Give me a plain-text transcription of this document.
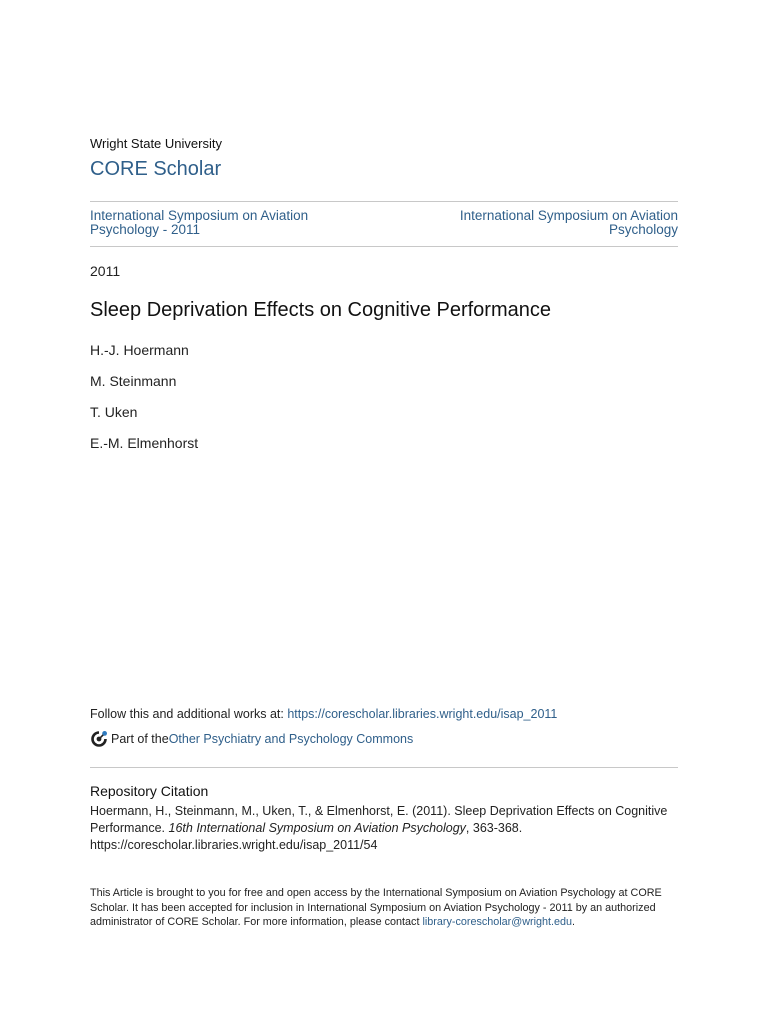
Wright State University
CORE Scholar
International Symposium on Aviation Psychology - 2011
International Symposium on Aviation Psychology
2011
Sleep Deprivation Effects on Cognitive Performance
H.-J. Hoermann
M. Steinmann
T. Uken
E.-M. Elmenhorst
Follow this and additional works at: https://corescholar.libraries.wright.edu/isap_2011
Part of the Other Psychiatry and Psychology Commons
Repository Citation
Hoermann, H., Steinmann, M., Uken, T., & Elmenhorst, E. (2011). Sleep Deprivation Effects on Cognitive Performance. 16th International Symposium on Aviation Psychology, 363-368.
https://corescholar.libraries.wright.edu/isap_2011/54
This Article is brought to you for free and open access by the International Symposium on Aviation Psychology at CORE Scholar. It has been accepted for inclusion in International Symposium on Aviation Psychology - 2011 by an authorized administrator of CORE Scholar. For more information, please contact library-corescholar@wright.edu.
